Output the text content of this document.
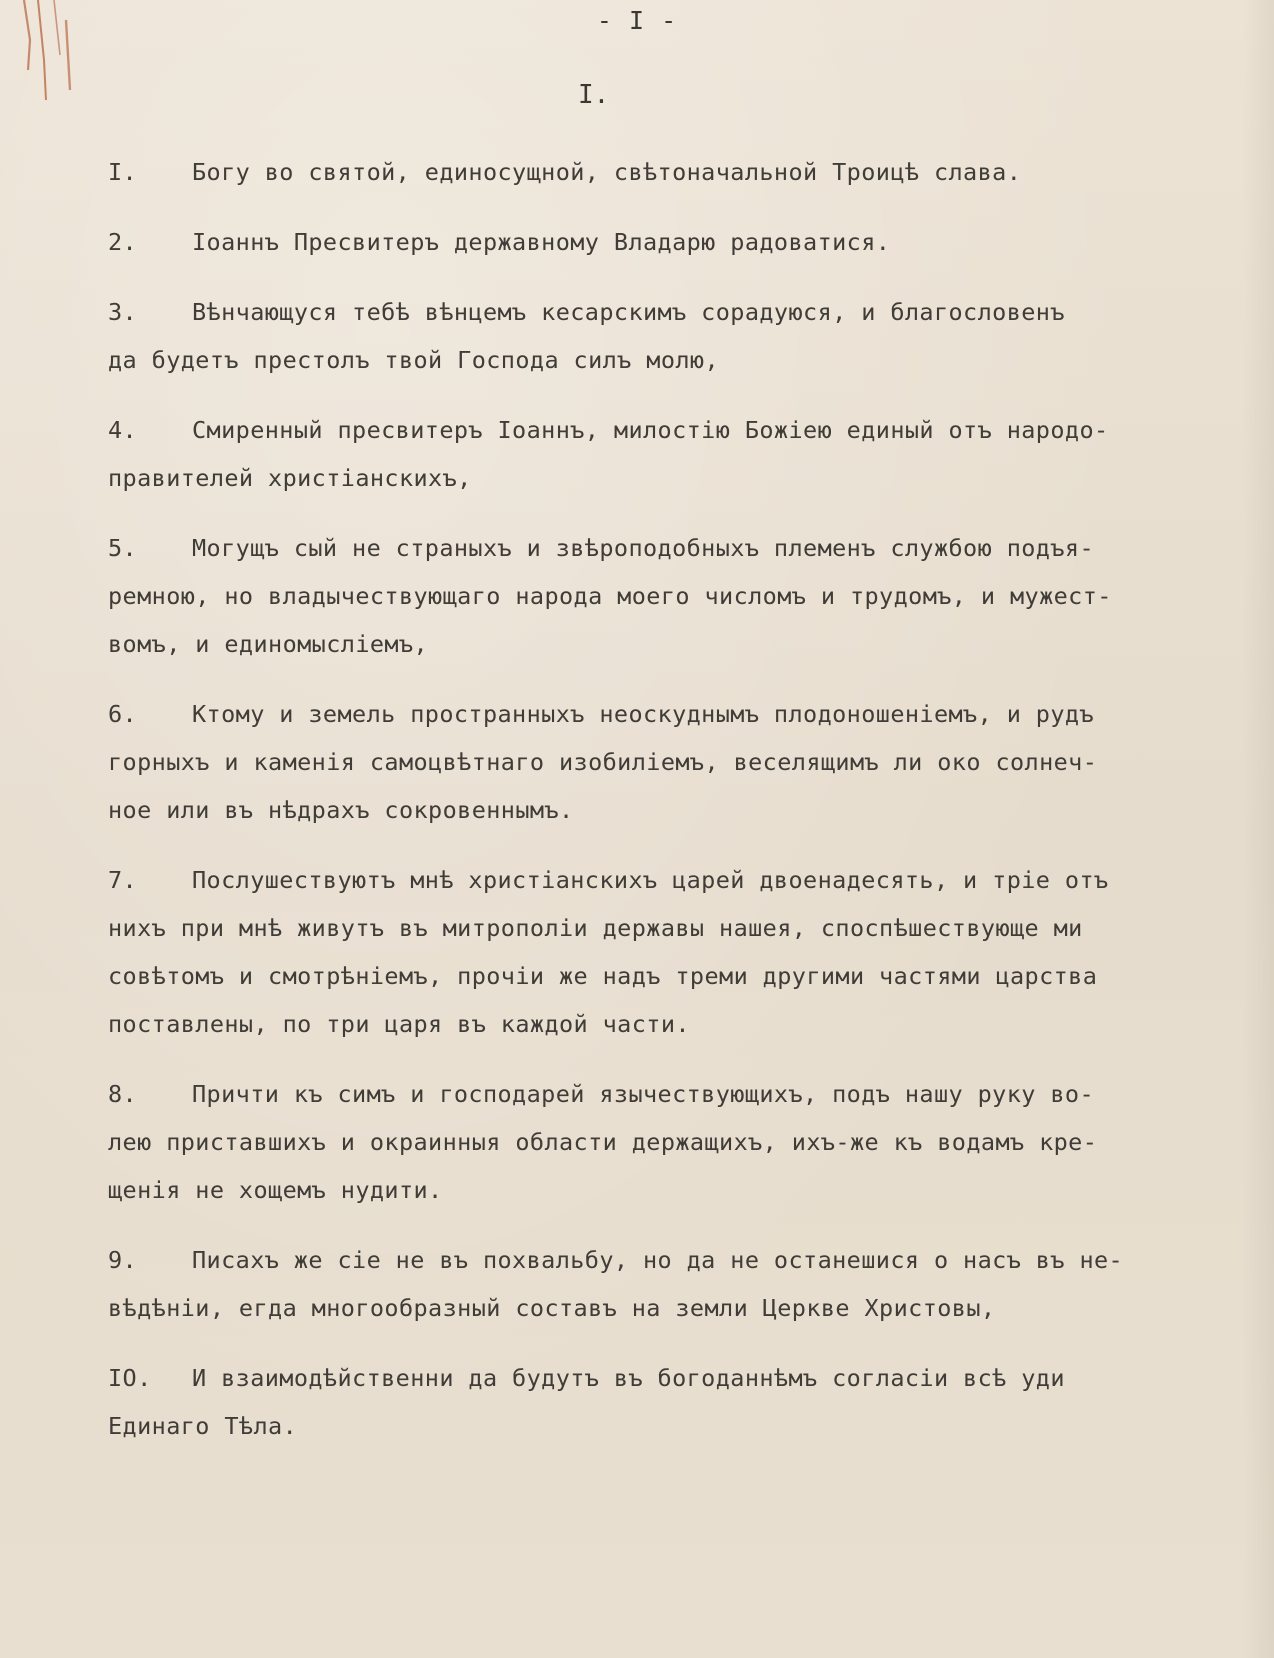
- I -
I.
I. Богу во святой, единосущной, свѣтоначальной Троицѣ слава.
2. Іоаннъ Пресвитеръ державному Владарю радоватися.
3. Вѣнчающуся тебѣ вѣнцемъ кесарскимъ сорадуюся, и благословенъ
да будетъ престолъ твой Господа силъ молю,
4. Смиренный пресвитеръ Іоаннъ, милостію Божіею единый отъ народо-
правителей христіанскихъ,
5. Могущъ сый не страныхъ и звѣроподобныхъ племенъ службою подъя-
ремною, но владычествующаго народа моего числомъ и трудомъ, и мужест-
вомъ, и единомысліемъ,
6. Ктому и земель пространныхъ неоскуднымъ плодоношеніемъ, и рудъ
горныхъ и каменія самоцвѣтнаго изобиліемъ, веселящимъ ли око солнеч-
ное или въ нѣдрахъ сокровеннымъ.
7. Послушествуютъ мнѣ христіанскихъ царей двоенадесять, и тріе отъ
нихъ при мнѣ живутъ въ митрополіи державы нашея, споспѣшествующе ми
совѣтомъ и смотрѣніемъ, прочіи же надъ треми другими частями царства
поставлены, по три царя въ каждой части.
8. Причти къ симъ и господарей язычествующихъ, подъ нашу руку во-
лею приставшихъ и окраинныя области держащихъ, ихъ-же къ водамъ кре-
щенія не хощемъ нудити.
9. Писахъ же сіе не въ похвальбу, но да не останешися о насъ въ не-
вѣдѣніи, егда многообразный составъ на земли Церкве Христовы,
IO. И взаимодѣйственни да будутъ въ богоданнѣмъ согласіи всѣ уди
Единаго Тѣла.
